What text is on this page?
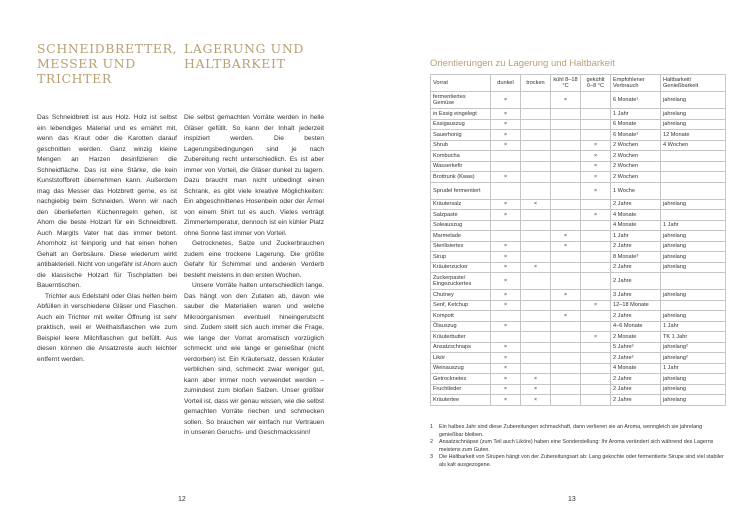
SCHNEIDBRETTER,
MESSER UND
TRICHTER
LAGERUNG UND
HALTBARKEIT

Das Schneidbrett ist aus Holz. Holz ist selbst ein lebendiges Material und es ernährt mit, wenn das Kraut oder die Karotten darauf geschnitten werden. Ganz winzig kleine Mengen an Harzen desinfizieren die Schneidfläche. Das ist eine Stärke, die kein Kunststoffbrett übernehmen kann. Außerdem mag das Messer das Holzbrett gerne, es ist nachgiebig beim Schneiden. Wenn wir nach den überlieferten Küchenregeln gehen, ist Ahorn die beste Holzart für ein Schneidbrett. Auch Margits Vater hat das immer betont. Ahornholz ist feinporig und hat einen hohen Gehalt an Gerbsäure. Diese wiederum wirkt antibakteriell. Nicht von ungefähr ist Ahorn auch die klassische Holzart für Tischplatten bei Bauerntischen.

Trichter aus Edelstahl oder Glas helfen beim Abfüllen in verschiedene Gläser und Flaschen. Auch ein Trichter mit weiter Öffnung ist sehr praktisch, weil er Weithalsflaschen wie zum Beispiel leere Milchflaschen gut befüllt. Aus diesen können die Ansatzreste auch leichter entfernt werden.

Die selbst gemachten Vorräte werden in helle Gläser gefüllt. So kann der Inhalt jederzeit inspiziert werden. Die besten Lagerungsbedingungen sind je nach Zubereitung recht unterschiedlich. Es ist aber immer von Vorteil, die Gläser dunkel zu lagern. Dazu braucht man nicht unbedingt einen Schrank, es gibt viele kreative Möglichkeiten: Ein abgeschnittenes Hosenbein oder der Ärmel von einem Shirt tut es auch. Vieles verträgt Zimmertemperatur, dennoch ist ein kühler Platz ohne Sonne fast immer von Vorteil.

Getrocknetes, Salze und Zuckerbrauchen zudem eine trockene Lagerung. Die größte Gefahr für Schimmel und anderen Verderb besteht meistens in den ersten Wochen.

Unsere Vorräte halten unterschiedlich lange. Das hängt von den Zutaten ab, davon wie sauber die Materialien waren und welche Mikroorganismen eventuell hineingerutscht sind. Zudem stellt sich auch immer die Frage, wie lange der Vorrat aromatisch vorzüglich schmeckt und wie lange er genießbar (nicht verdorben) ist. Ein Kräutersalz, dessen Kräuter verblichen sind, schmeckt zwar weniger gut, kann aber immer noch verwendet werden – zumindest zum bloßen Salzen. Unser größter Vorteil ist, dass wir genau wissen, wie die selbst gemachten Vorräte riechen und schmecken sollen. So brauchen wir einfach nur Vertrauen in unseren Geruchs- und Geschmackssinn!

12
Orientierungen zu Lagerung und Haltbarkeit
Vorrat	dunkel	trocken	kühl 8–18 °C	gekühlt 0–8 °C	Empfohlener Verbrauch	Haltbarkeit/ Genießbarkeit
fermentiertes Gemüse	×		×		6 Monate¹	jahrelang
in Essig eingelegt	×				1 Jahr	jahrelang
Essigauszug	×				6 Monate	jahrelang
Sauerhonig	×				6 Monate¹	12 Monate
Shrub	×			×	2 Wochen	4 Wochen
Kombucha				×	2 Wochen	
Wasserkefir				×	2 Wochen	
Brottrunk (Kwas)	×			×	2 Wochen	
Sprudel fermentiert				×	1 Woche	
Kräutersalz	×	×			2 Jahre	jahrelang
Salzpaste	×			×	4 Monate	
Soleauszug					4 Monate	1 Jahr
Marmelade			×		1 Jahr	jahrelang
Sterilisiertes	×		×		2 Jahre	jahrelang
Sirup	×				8 Monate³	jahrelang
Kräuterzucker	×	×			2 Jahre	jahrelang
Zuckerpaste/ Eingezuckertes	×				2 Jahre	
Chutney	×		×		3 Jahre	jahrelang
Senf, Ketchup	×			×	12–18 Monate	
Kompott			×		2 Jahre	jahrelang
Ölauszug	×				4–6 Monate	1 Jahr
Kräuterbutter				×	2 Monate	TK 1 Jahr
Ansatzschnaps	×				5 Jahre²	jahrelang²
Likör	×				2 Jahre²	jahrelang²
Weinauszug	×				4 Monate	1 Jahr
Getrocknetes	×	×			2 Jahre	jahrelang
Fruchtleder	×	×			2 Jahre	jahrelang
Kräutertee	×	×			2 Jahre	jahrelang
1	Ein halbes Jahr sind diese Zubereitungen schmackhaft, dann verlieren sie an Aroma, wenngleich sie jahrelang genießbar bleiben.
2	Ansatzschnäpse (zum Teil auch Liköre) haben eine Sonderstellung: Ihr Aroma verändert sich während des Lagerns meistens zum Guten.
3	Die Haltbarkeit von Sirupen hängt von der Zubereitungsart ab: Lang gekochte oder fermentierte Sirupe sind viel stabiler als kalt ausgezogene.
13
